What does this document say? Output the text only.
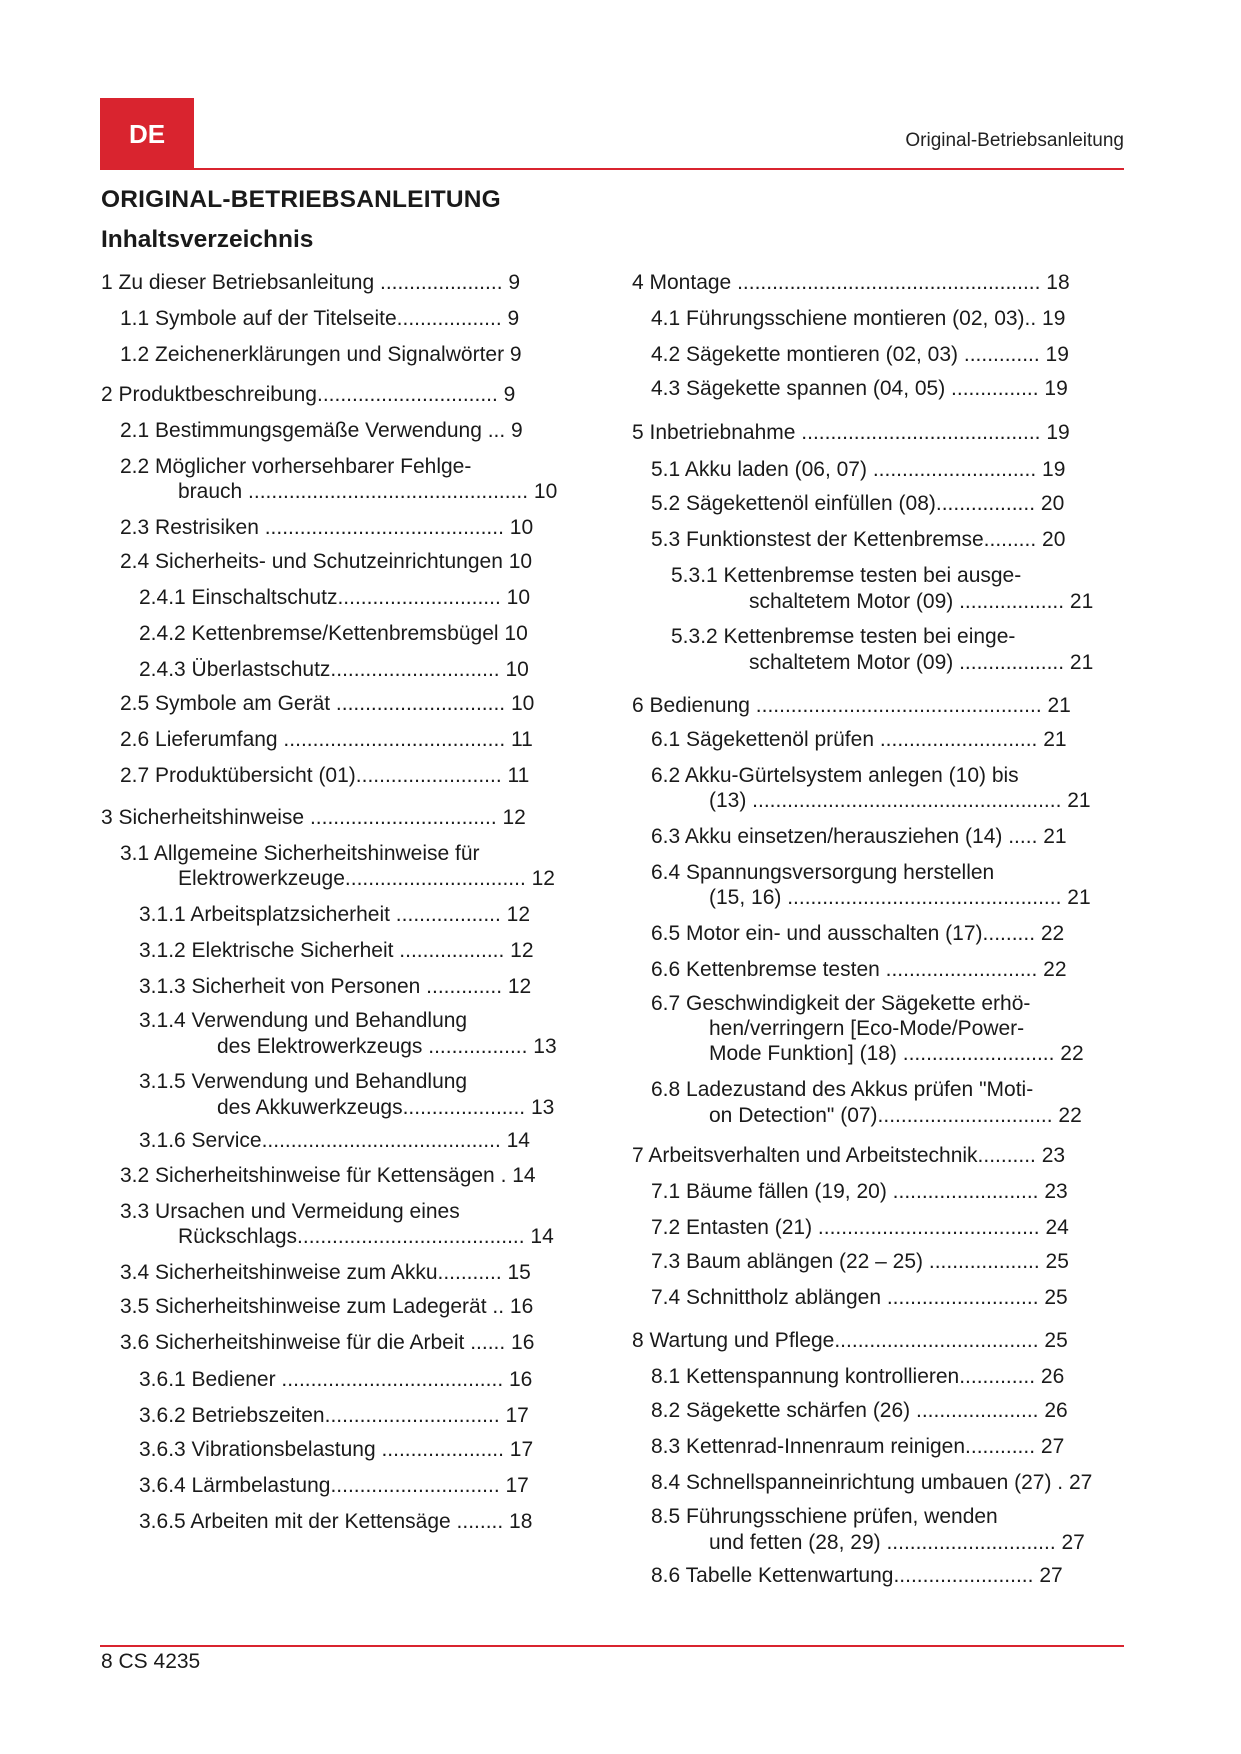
DE	Original-Betriebsanleitung
ORIGINAL-BETRIEBSANLEITUNG
Inhaltsverzeichnis
1 Zu dieser Betriebsanleitung ..................... 9
1.1 Symbole auf der Titelseite.................. 9
1.2 Zeichenerklärungen und Signalwörter 9
2 Produktbeschreibung............................... 9
2.1 Bestimmungsgemäße Verwendung ... 9
2.2 Möglicher vorhersehbarer Fehlge-
brauch ................................................ 10
2.3 Restrisiken ......................................... 10
2.4 Sicherheits- und Schutzeinrichtungen 10
2.4.1 Einschaltschutz............................ 10
2.4.2 Kettenbremse/Kettenbremsbügel 10
2.4.3 Überlastschutz............................. 10
2.5 Symbole am Gerät ............................. 10
2.6 Lieferumfang ...................................... 11
2.7 Produktübersicht (01)......................... 11
3 Sicherheitshinweise ................................ 12
3.1 Allgemeine Sicherheitshinweise für
Elektrowerkzeuge............................... 12
3.1.1 Arbeitsplatzsicherheit .................. 12
3.1.2 Elektrische Sicherheit .................. 12
3.1.3 Sicherheit von Personen ............. 12
3.1.4 Verwendung und Behandlung
des Elektrowerkzeugs ................. 13
3.1.5 Verwendung und Behandlung
des Akkuwerkzeugs..................... 13
3.1.6 Service......................................... 14
3.2 Sicherheitshinweise für Kettensägen . 14
3.3 Ursachen und Vermeidung eines
Rückschlags....................................... 14
3.4 Sicherheitshinweise zum Akku........... 15
3.5 Sicherheitshinweise zum Ladegerät .. 16
3.6 Sicherheitshinweise für die Arbeit ...... 16
3.6.1 Bediener ...................................... 16
3.6.2 Betriebszeiten.............................. 17
3.6.3 Vibrationsbelastung ..................... 17
3.6.4 Lärmbelastung............................. 17
3.6.5 Arbeiten mit der Kettensäge ........ 18
4 Montage .................................................... 18
4.1 Führungsschiene montieren (02, 03).. 19
4.2 Sägekette montieren (02, 03) ............. 19
4.3 Sägekette spannen (04, 05) ............... 19
5 Inbetriebnahme ......................................... 19
5.1 Akku laden (06, 07) ............................ 19
5.2 Sägekettenöl einfüllen (08)................. 20
5.3 Funktionstest der Kettenbremse......... 20
5.3.1 Kettenbremse testen bei ausge-
schaltetem Motor (09) .................. 21
5.3.2 Kettenbremse testen bei einge-
schaltetem Motor (09) .................. 21
6 Bedienung ................................................. 21
6.1 Sägekettenöl prüfen ........................... 21
6.2 Akku-Gürtelsystem anlegen (10) bis
(13) ..................................................... 21
6.3 Akku einsetzen/herausziehen (14) ..... 21
6.4 Spannungsversorgung herstellen
(15, 16) ............................................... 21
6.5 Motor ein- und ausschalten (17)......... 22
6.6 Kettenbremse testen .......................... 22
6.7 Geschwindigkeit der Sägekette erhö-
hen/verringern [Eco-Mode/Power-
Mode Funktion] (18) .......................... 22
6.8 Ladezustand des Akkus prüfen "Moti-
on Detection" (07).............................. 22
7 Arbeitsverhalten und Arbeitstechnik.......... 23
7.1 Bäume fällen (19, 20) ......................... 23
7.2 Entasten (21) ...................................... 24
7.3 Baum ablängen (22 – 25) ................... 25
7.4 Schnittholz ablängen .......................... 25
8 Wartung und Pflege................................... 25
8.1 Kettenspannung kontrollieren............. 26
8.2 Sägekette schärfen (26) ..................... 26
8.3 Kettenrad-Innenraum reinigen............ 27
8.4 Schnellspanneinrichtung umbauen (27) . 27
8.5 Führungsschiene prüfen, wenden
und fetten (28, 29) ............................. 27
8.6 Tabelle Kettenwartung........................ 27
8 CS 4235
